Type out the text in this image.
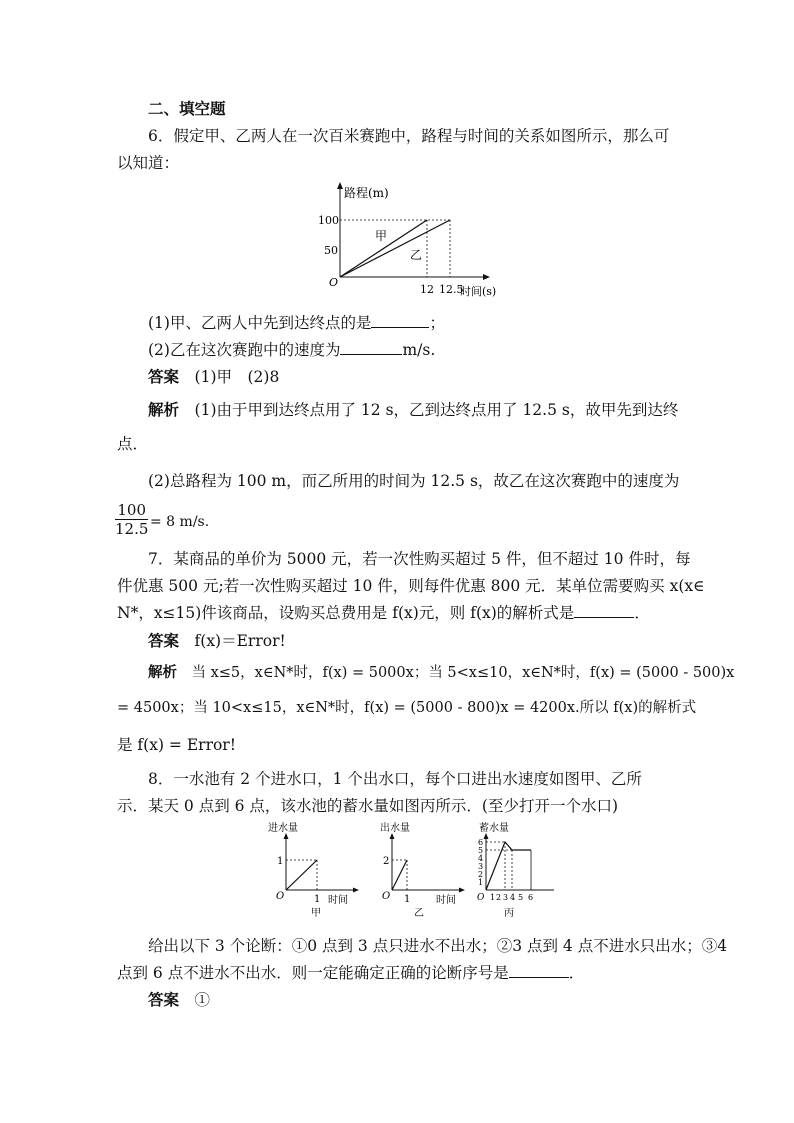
二、填空题
6．假定甲、乙两人在一次百米赛跑中，路程与时间的关系如图所示，那么可
以知道：
路程(m)
时间(s)
O
100
50
12 12.5
甲
乙
(1)甲、乙两人中先到达终点的是	；
(2)乙在这次赛跑中的速度为	m/s.
答案　 (1)甲　(2)8
解析　 (1)由于甲到达终点用了 12 s，乙到达终点用了 12.5 s，故甲先到达终
点．
(2)总路程为 100 m，而乙所用的时间为 12.5 s，故乙在这次赛跑中的速度为
$\frac{100}{12.5} = 8$ m/s.
7．某商品的单价为 5000 元，若一次性购买超过 5 件，但不超过 10 件时，每
件优惠 500 元;若一次性购买超过 10 件，则每件优惠 800 元．某单位需要购买 x(x∈
N*，x≤15)件该商品，设购买总费用是 f(x)元，则 f(x)的解析式是	．
答案　 f(x)＝Error!
解析　 当 x≤5，x∈N*时，f(x) = 5000x；当 5<x≤10，x∈N*时，f(x) = (5000 - 500)x
= 4500x；当 10<x≤15，x∈N*时，f(x) = (5000 - 800)x = 4200x.所以 f(x)的解析式
是 f(x) = Error!
8．一水池有 2 个进水口，1 个出水口，每个口进出水速度如图甲、乙所
示．某天 0 点到 6 点，该水池的蓄水量如图丙所示．(至少打开一个水口)
进水量
时间
O
1
1
甲
出水量
时间
O
2
1
乙
蓄水量
O
6
5
4
3
2
1
1 2 3 4 5 6
丙
给出以下 3 个论断：①0 点到 3 点只进水不出水；②3 点到 4 点不进水只出水；③4
点到 6 点不进水不出水．则一定能确定正确的论断序号是	．
答案　 ①
